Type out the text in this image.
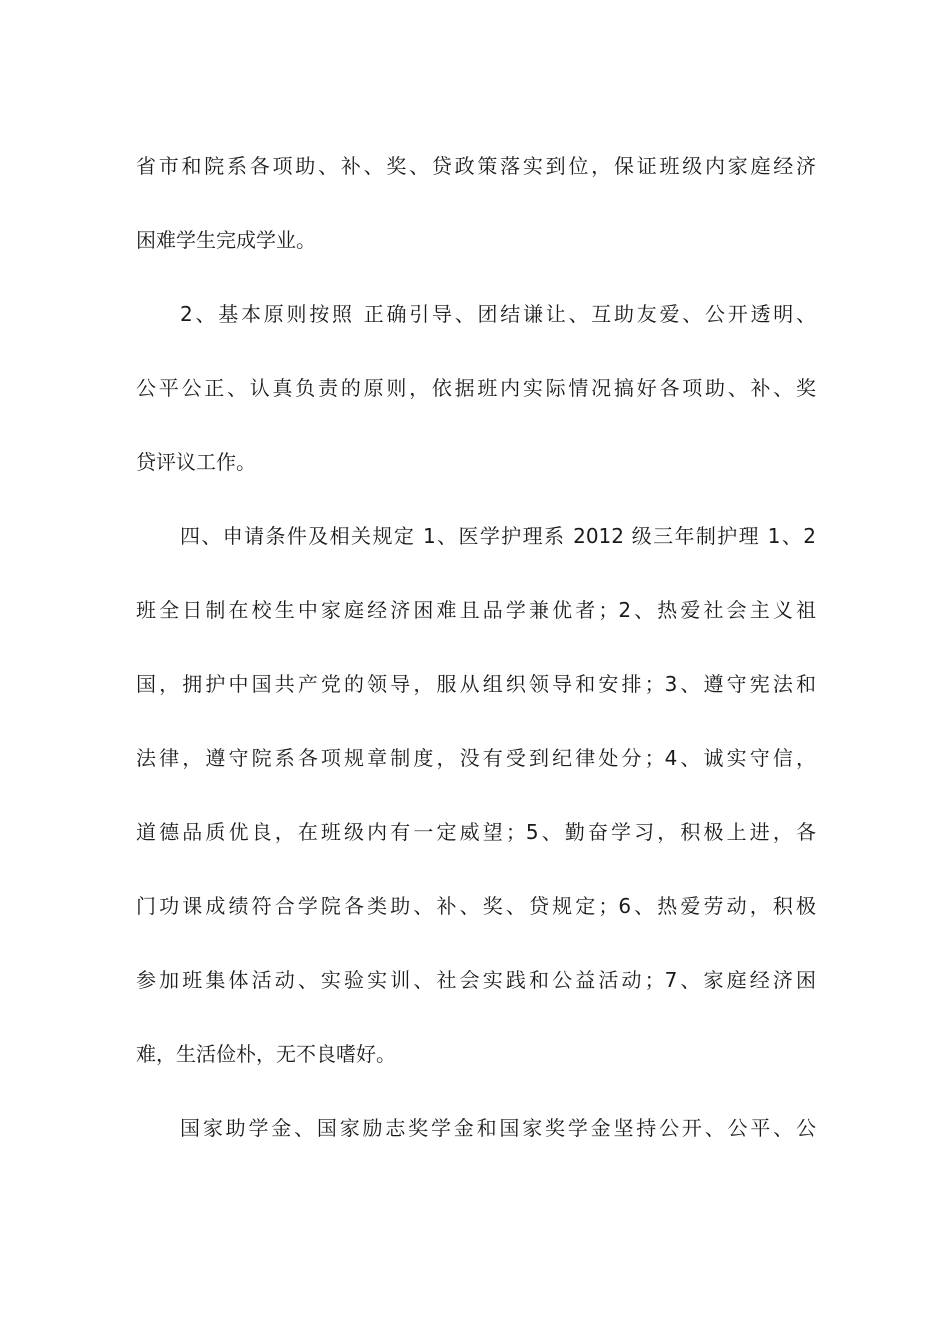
省市和院系各项助、补、奖、贷政策落实到位，保证班级内家庭经济
困难学生完成学业。
2、基本原则按照 正确引导、团结谦让、互助友爱、公开透明、
公平公正、认真负责的原则，依据班内实际情况搞好各项助、补、奖
贷评议工作。
四、申请条件及相关规定 1、医学护理系 2012 级三年制护理 1、2
班全日制在校生中家庭经济困难且品学兼优者；2、热爱社会主义祖
国，拥护中国共产党的领导，服从组织领导和安排；3、遵守宪法和
法律，遵守院系各项规章制度，没有受到纪律处分；4、诚实守信，
道德品质优良，在班级内有一定威望；5、勤奋学习，积极上进，各
门功课成绩符合学院各类助、补、奖、贷规定；6、热爱劳动，积极
参加班集体活动、实验实训、社会实践和公益活动；7、家庭经济困
难，生活俭朴，无不良嗜好。
国家助学金、国家励志奖学金和国家奖学金坚持公开、公平、公
